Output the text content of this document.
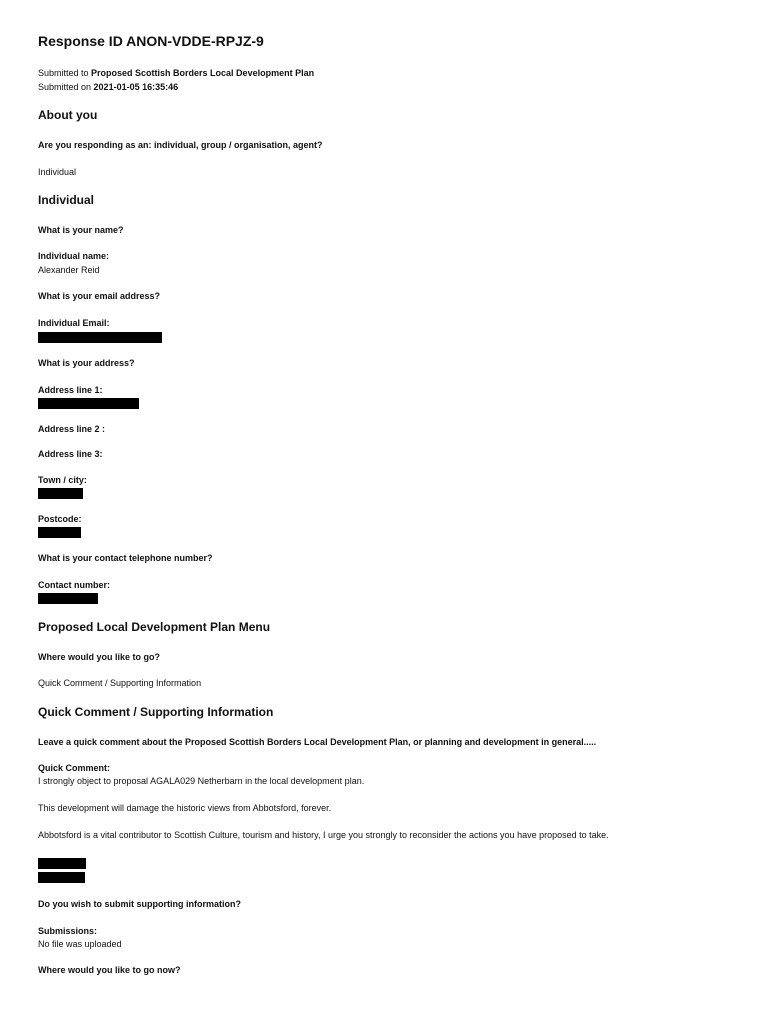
Response ID ANON-VDDE-RPJZ-9
Submitted to Proposed Scottish Borders Local Development Plan
Submitted on 2021-01-05 16:35:46
About you
Are you responding as an: individual, group / organisation, agent?
Individual
Individual
What is your name?
Individual name:
Alexander Reid
What is your email address?
Individual Email:
What is your address?
Address line 1:
Address line 2 :
Address line 3:
Town / city:
Postcode:
What is your contact telephone number?
Contact number:
Proposed Local Development Plan Menu
Where would you like to go?
Quick Comment / Supporting Information
Quick Comment / Supporting Information
Leave a quick comment about the Proposed Scottish Borders Local Development Plan, or planning and development in general.....
Quick Comment:
I strongly object to proposal AGALA029 Netherbarn in the local development plan.
This development will damage the historic views from Abbotsford, forever.
Abbotsford is a vital contributor to Scottish Culture, tourism and history, I urge you strongly to reconsider the actions you have proposed to take.
Do you wish to submit supporting information?
Submissions:
No file was uploaded
Where would you like to go now?
